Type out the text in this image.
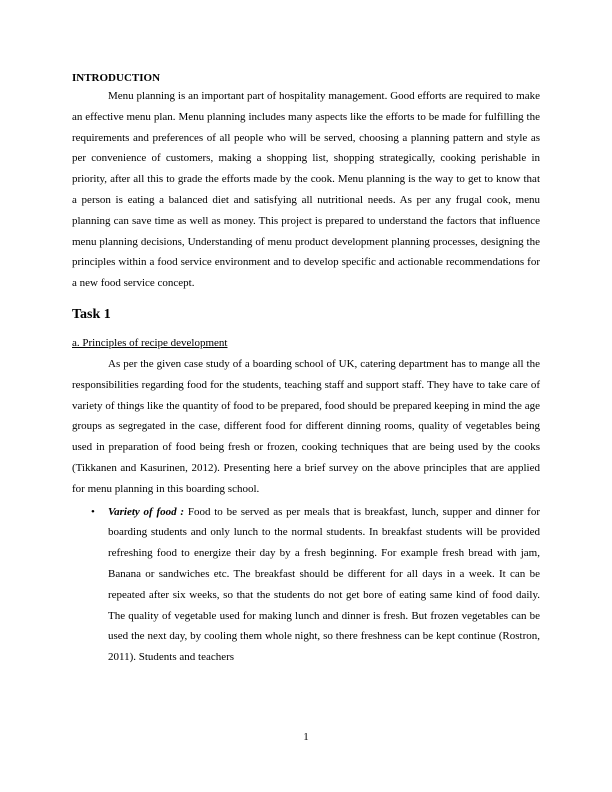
INTRODUCTION

Menu planning is an important part of hospitality management. Good efforts are required to make an effective menu plan. Menu planning includes many aspects like the efforts to be made for fulfilling the requirements and preferences of all people who will be served, choosing a planning pattern and style as per convenience of customers, making a shopping list, shopping strategically, cooking perishable in priority, after all this to grade the efforts made by the cook. Menu planning is the way to get to know that a person is eating a balanced diet and satisfying all nutritional needs. As per any frugal cook, menu planning can save time as well as money. This project is prepared to understand the factors that influence menu planning decisions, Understanding of menu product development planning processes, designing the principles within a food service environment and to develop specific and actionable recommendations for a new food service concept.

Task 1

a. Principles of recipe development

As per the given case study of a boarding school of UK, catering department has to mange all the responsibilities regarding food for the students, teaching staff and support staff. They have to take care of variety of things like the quantity of food to be prepared, food should be prepared keeping in mind the age groups as segregated in the case, different food for different dinning rooms, quality of vegetables being used in preparation of food being fresh or frozen, cooking techniques that are being used by the cooks (Tikkanen and Kasurinen, 2012). Presenting here a brief survey on the above principles that are applied for menu planning in this boarding school.

• Variety of food : Food to be served as per meals that is breakfast, lunch, supper and dinner for boarding students and only lunch to the normal students. In breakfast students will be provided refreshing food to energize their day by a fresh beginning. For example fresh bread with jam, Banana or sandwiches etc. The breakfast should be different for all days in a week. It can be repeated after six weeks, so that the students do not get bore of eating same kind of food daily. The quality of vegetable used for making lunch and dinner is fresh. But frozen vegetables can be used the next day, by cooling them whole night, so there freshness can be kept continue (Rostron, 2011). Students and teachers

1
